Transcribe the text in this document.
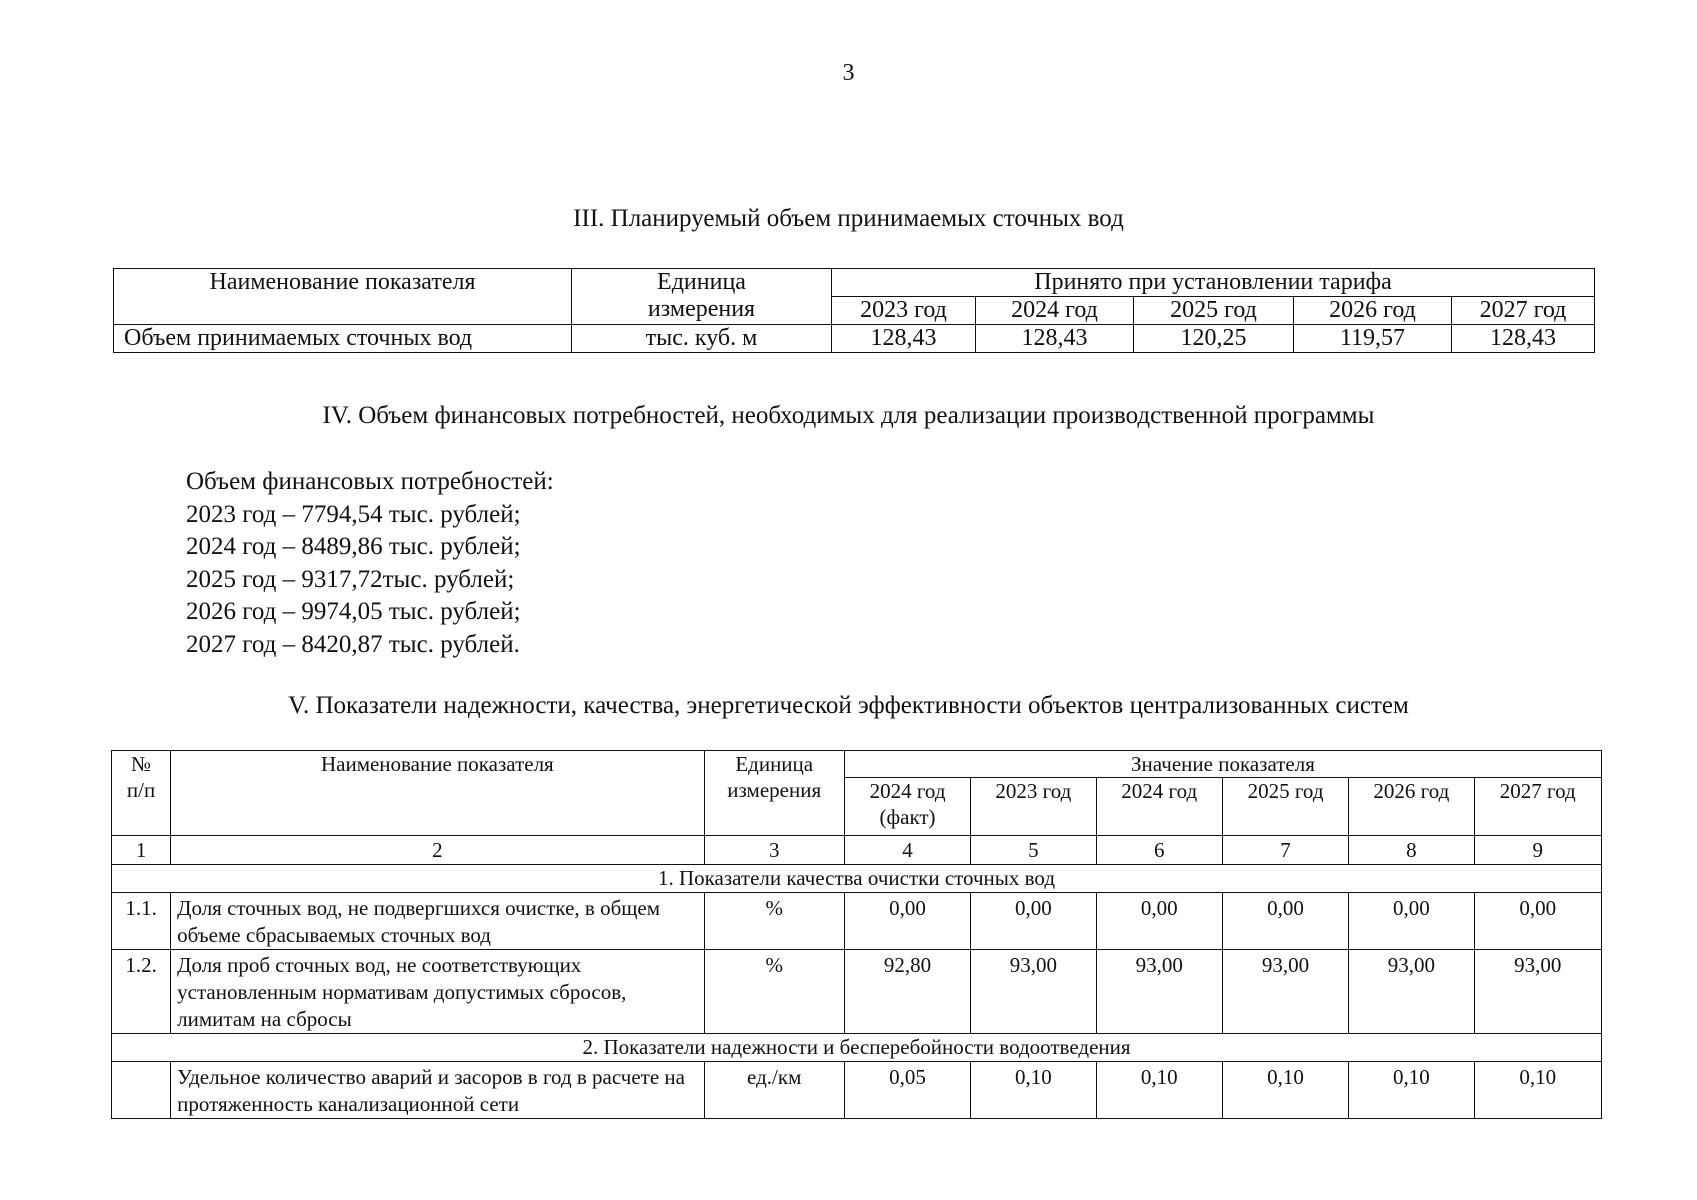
3
III. Планируемый объем принимаемых сточных вод
Наименование показателя	Единица измерения	Принято при установлении тарифа				
		2023 год	2024 год	2025 год	2026 год	2027 год
Объем принимаемых сточных вод	тыс. куб. м	128,43	128,43	120,25	119,57	128,43
IV. Объем финансовых потребностей, необходимых для реализации производственной программы
Объем финансовых потребностей:
2023 год – 7794,54 тыс. рублей;
2024 год – 8489,86 тыс. рублей;
2025 год – 9317,72тыс. рублей;
2026 год – 9974,05 тыс. рублей;
2027 год – 8420,87 тыс. рублей.
V. Показатели надежности, качества, энергетической эффективности объектов централизованных систем
№ п/п	Наименование показателя	Единица измерения	Значение показателя					
			2024 год (факт)	2023 год	2024 год	2025 год	2026 год	2027 год
1	2	3	4	5	6	7	8	9
1. Показатели качества очистки сточных вод								
1.1.	Доля сточных вод, не подвергшихся очистке, в общем объеме сбрасываемых сточных вод	%	0,00	0,00	0,00	0,00	0,00	0,00
1.2.	Доля проб сточных вод, не соответствующих установленным нормативам допустимых сбросов, лимитам на сбросы	%	92,80	93,00	93,00	93,00	93,00	93,00
2. Показатели надежности и бесперебойности водоотведения								
	Удельное количество аварий и засоров в год в расчете на протяженность канализационной сети	ед./км	0,05	0,10	0,10	0,10	0,10	0,10
